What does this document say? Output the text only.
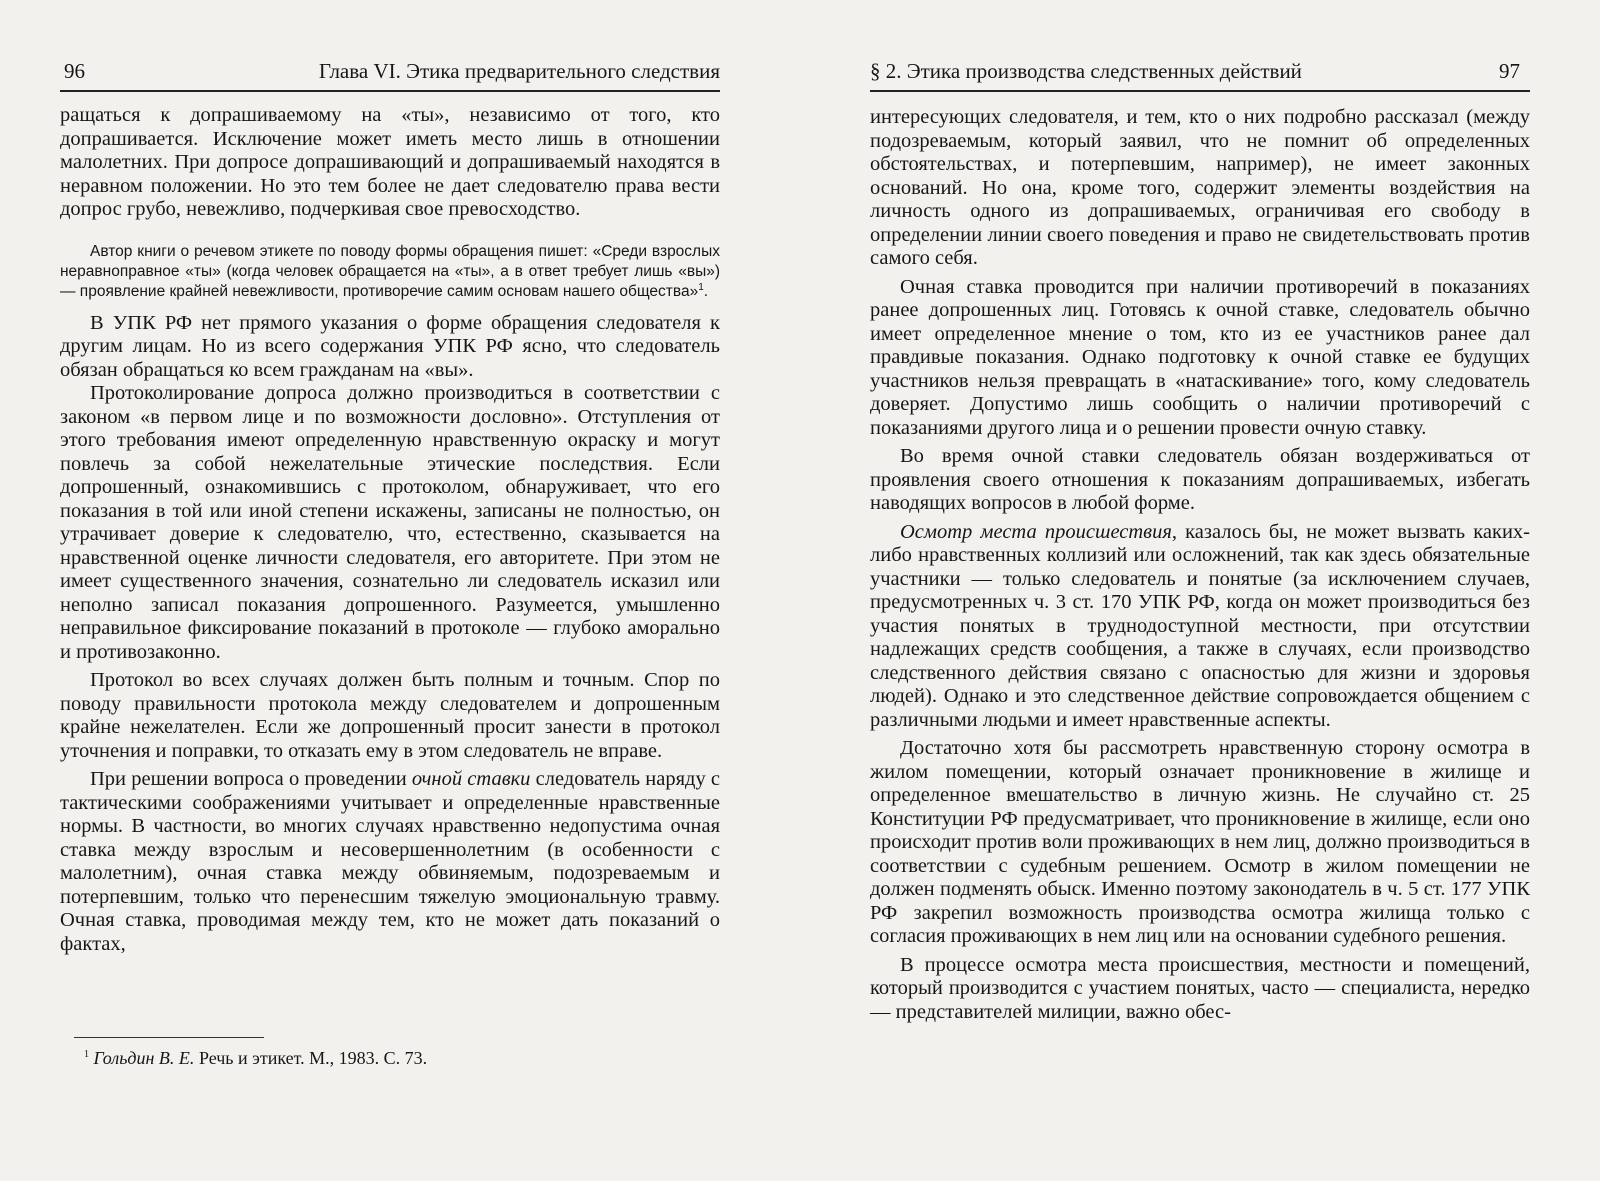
96	Глава VI. Этика предварительного следствия

ращаться к допрашиваемому на «ты», независимо от того, кто допрашивается. Исключение может иметь место лишь в отношении малолетних. При допросе допрашивающий и допрашиваемый находятся в неравном положении. Но это тем более не дает следователю права вести допрос грубо, невежливо, подчеркивая свое превосходство.

Автор книги о речевом этикете по поводу формы обращения пишет: «Среди взрослых неравноправное «ты» (когда человек обращается на «ты», а в ответ требует лишь «вы») — проявление крайней невежливости, противоречие самим основам нашего общества»$^1$.

В УПК РФ нет прямого указания о форме обращения следователя к другим лицам. Но из всего содержания УПК РФ ясно, что следователь обязан обращаться ко всем гражданам на «вы».

Протоколирование допроса должно производиться в соответствии с законом «в первом лице и по возможности дословно». Отступления от этого требования имеют определенную нравственную окраску и могут повлечь за собой нежелательные этические последствия. Если допрошенный, ознакомившись с протоколом, обнаруживает, что его показания в той или иной степени искажены, записаны не полностью, он утрачивает доверие к следователю, что, естественно, сказывается на нравственной оценке личности следователя, его авторитете. При этом не имеет существенного значения, сознательно ли следователь исказил или неполно записал показания допрошенного. Разумеется, умышленно неправильное фиксирование показаний в протоколе — глубоко аморально и противозаконно.

Протокол во всех случаях должен быть полным и точным. Спор по поводу правильности протокола между следователем и допрошенным крайне нежелателен. Если же допрошенный просит занести в протокол уточнения и поправки, то отказать ему в этом следователь не вправе.

При решении вопроса о проведении очной ставки следователь наряду с тактическими соображениями учитывает и определенные нравственные нормы. В частности, во многих случаях нравственно недопустима очная ставка между взрослым и несовершеннолетним (в особенности с малолетним), очная ставка между обвиняемым, подозреваемым и потерпевшим, только что перенесшим тяжелую эмоциональную травму. Очная ставка, проводимая между тем, кто не может дать показаний о фактах,

$^1$ Гольдин В. Е. Речь и этикет. М., 1983. С. 73.
§ 2. Этика производства следственных действий	97

интересующих следователя, и тем, кто о них подробно рассказал (между подозреваемым, который заявил, что не помнит об определенных обстоятельствах, и потерпевшим, например), не имеет законных оснований. Но она, кроме того, содержит элементы воздействия на личность одного из допрашиваемых, ограничивая его свободу в определении линии своего поведения и право не свидетельствовать против самого себя.

Очная ставка проводится при наличии противоречий в показаниях ранее допрошенных лиц. Готовясь к очной ставке, следователь обычно имеет определенное мнение о том, кто из ее участников ранее дал правдивые показания. Однако подготовку к очной ставке ее будущих участников нельзя превращать в «натаскивание» того, кому следователь доверяет. Допустимо лишь сообщить о наличии противоречий с показаниями другого лица и о решении провести очную ставку.

Во время очной ставки следователь обязан воздерживаться от проявления своего отношения к показаниям допрашиваемых, избегать наводящих вопросов в любой форме.

Осмотр места происшествия, казалось бы, не может вызвать каких-либо нравственных коллизий или осложнений, так как здесь обязательные участники — только следователь и понятые (за исключением случаев, предусмотренных ч. 3 ст. 170 УПК РФ, когда он может производиться без участия понятых в труднодоступной местности, при отсутствии надлежащих средств сообщения, а также в случаях, если производство следственного действия связано с опасностью для жизни и здоровья людей). Однако и это следственное действие сопровождается общением с различными людьми и имеет нравственные аспекты.

Достаточно хотя бы рассмотреть нравственную сторону осмотра в жилом помещении, который означает проникновение в жилище и определенное вмешательство в личную жизнь. Не случайно ст. 25 Конституции РФ предусматривает, что проникновение в жилище, если оно происходит против воли проживающих в нем лиц, должно производиться в соответствии с судебным решением. Осмотр в жилом помещении не должен подменять обыск. Именно поэтому законодатель в ч. 5 ст. 177 УПК РФ закрепил возможность производства осмотра жилища только с согласия проживающих в нем лиц или на основании судебного решения.

В процессе осмотра места происшествия, местности и помещений, который производится с участием понятых, часто — специалиста, нередко — представителей милиции, важно обес-
